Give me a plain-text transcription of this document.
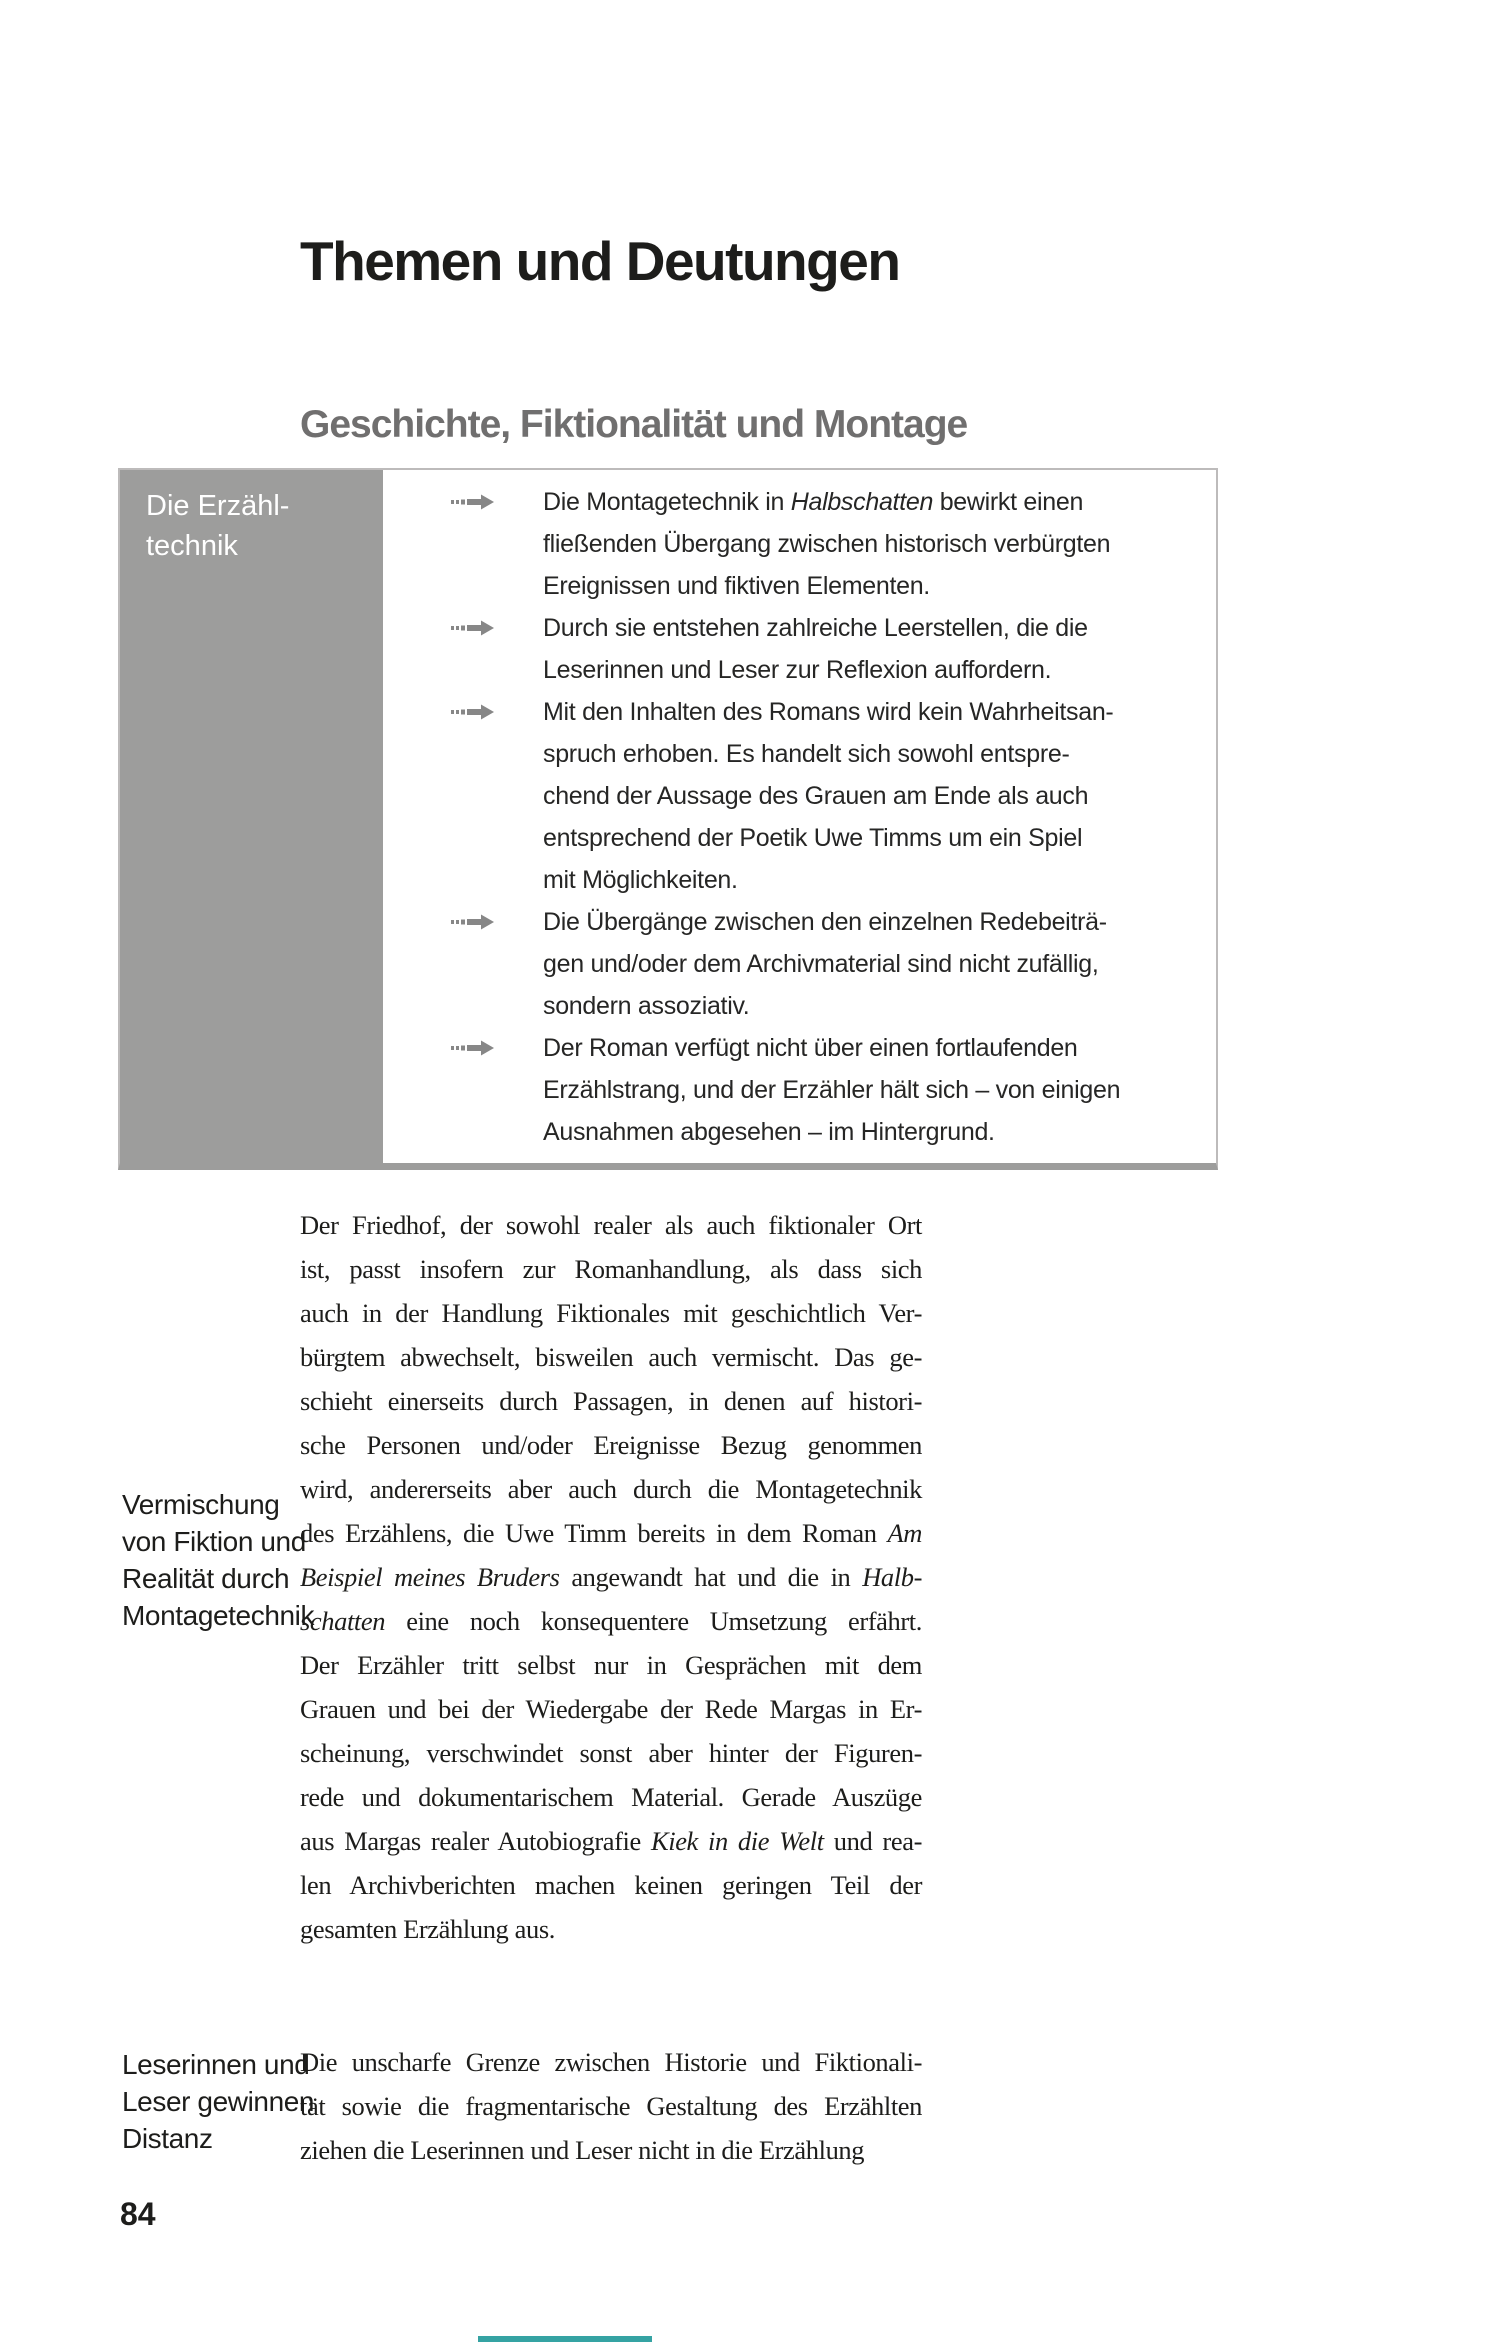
Themen und Deutungen
Geschichte, Fiktionalität und Montage
Die Erzähl-
technik
Die Montagetechnik in Halbschatten bewirkt einen
fließenden Übergang zwischen historisch verbürgten
Ereignissen und fiktiven Elementen.
Durch sie entstehen zahlreiche Leerstellen, die die
Leserinnen und Leser zur Reflexion auffordern.
Mit den Inhalten des Romans wird kein Wahrheitsan-
spruch erhoben. Es handelt sich sowohl entspre-
chend der Aussage des Grauen am Ende als auch
entsprechend der Poetik Uwe Timms um ein Spiel
mit Möglichkeiten.
Die Übergänge zwischen den einzelnen Redebeiträ-
gen und/oder dem Archivmaterial sind nicht zufällig,
sondern assoziativ.
Der Roman verfügt nicht über einen fortlaufenden
Erzählstrang, und der Erzähler hält sich – von einigen
Ausnahmen abgesehen – im Hintergrund.
Vermischung
von Fiktion und
Realität durch
Montagetechnik
Leserinnen und
Leser gewinnen
Distanz
Der Friedhof, der sowohl realer als auch fiktionaler Ort
ist, passt insofern zur Romanhandlung, als dass sich
auch in der Handlung Fiktionales mit geschichtlich Ver-
bürgtem abwechselt, bisweilen auch vermischt. Das ge-
schieht einerseits durch Passagen, in denen auf histori-
sche Personen und/oder Ereignisse Bezug genommen
wird, andererseits aber auch durch die Montagetechnik
des Erzählens, die Uwe Timm bereits in dem Roman Am
Beispiel meines Bruders angewandt hat und die in Halb-
schatten eine noch konsequentere Umsetzung erfährt.
Der Erzähler tritt selbst nur in Gesprächen mit dem
Grauen und bei der Wiedergabe der Rede Margas in Er-
scheinung, verschwindet sonst aber hinter der Figuren-
rede und dokumentarischem Material. Gerade Auszüge
aus Margas realer Autobiografie Kiek in die Welt und rea-
len Archivberichten machen keinen geringen Teil der
gesamten Erzählung aus.
Die unscharfe Grenze zwischen Historie und Fiktionali-
tät sowie die fragmentarische Gestaltung des Erzählten
ziehen die Leserinnen und Leser nicht in die Erzählung
84
